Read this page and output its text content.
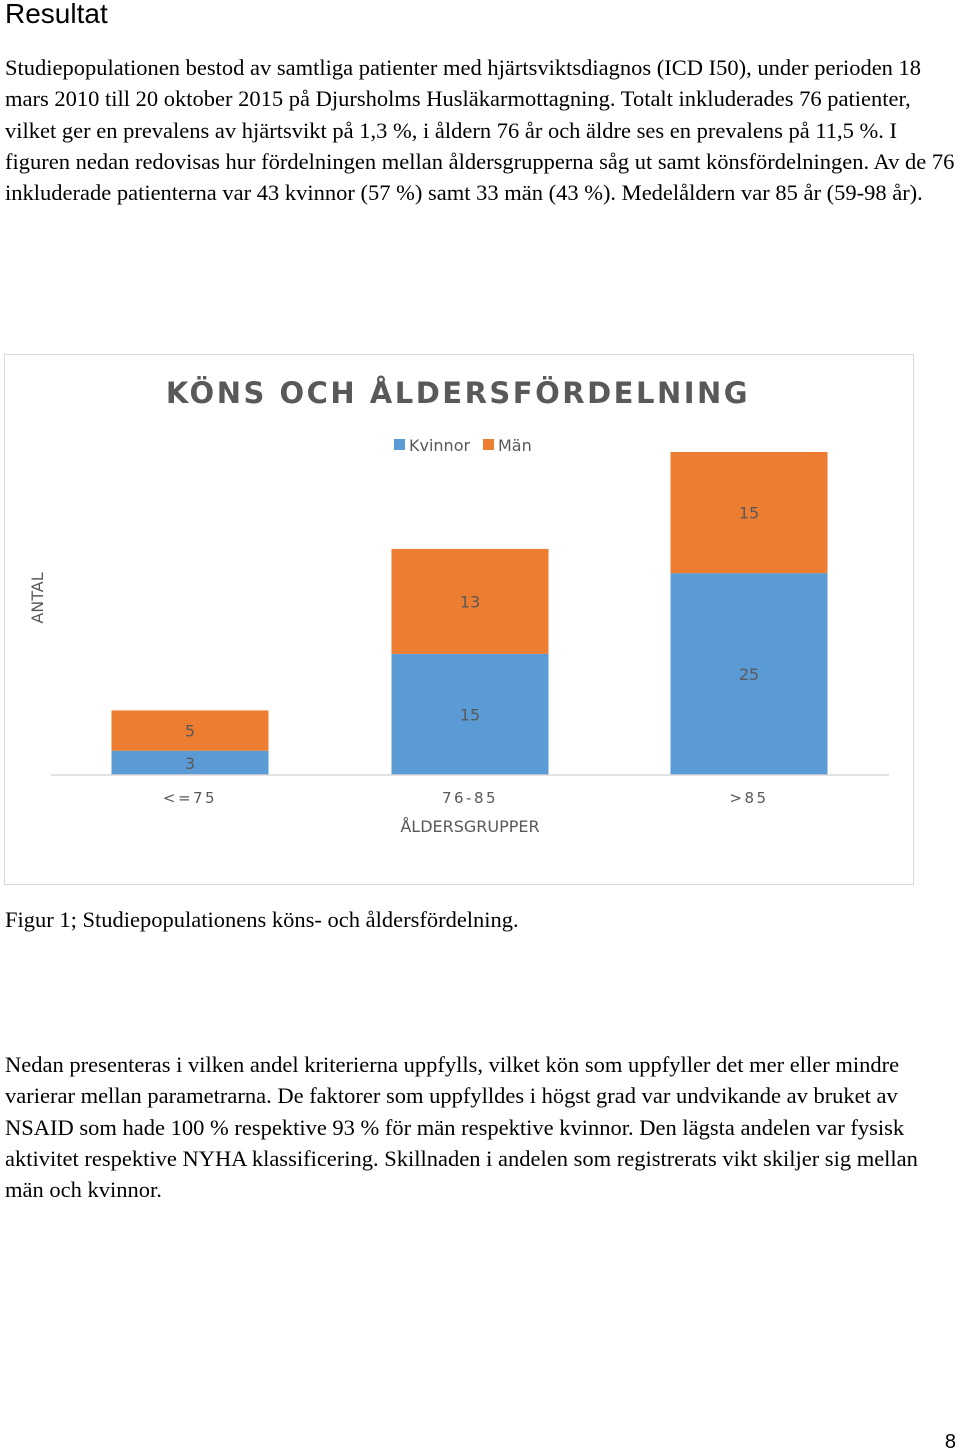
Resultat

Studiepopulationen bestod av samtliga patienter med hjärtsviktsdiagnos (ICD I50), under perioden 18 mars 2010 till 20 oktober 2015 på Djursholms Husläkarmottagning. Totalt inkluderades 76 patienter, vilket ger en prevalens av hjärtsvikt på 1,3 %, i åldern 76 år och äldre ses en prevalens på 11,5 %. I figuren nedan redovisas hur fördelningen mellan åldersgrupperna såg ut samt könsfördelningen. Av de 76 inkluderade patienterna var 43 kvinnor (57 %) samt 33 män (43 %). Medelåldern var 85 år (59-98 år).

KÖNS OCH ÅLDERSFÖRDELNING
Kvinnor Män
ANTAL
3
5
15
13
25
15
<=75	76-85	>85
ÅLDERSGRUPPER

Figur 1; Studiepopulationens köns- och åldersfördelning.

Nedan presenteras i vilken andel kriterierna uppfylls, vilket kön som uppfyller det mer eller mindre varierar mellan parametrarna. De faktorer som uppfylldes i högst grad var undvikande av bruket av NSAID som hade 100 % respektive 93 % för män respektive kvinnor. Den lägsta andelen var fysisk aktivitet respektive NYHA klassificering. Skillnaden i andelen som registrerats vikt skiljer sig mellan män och kvinnor.

8
